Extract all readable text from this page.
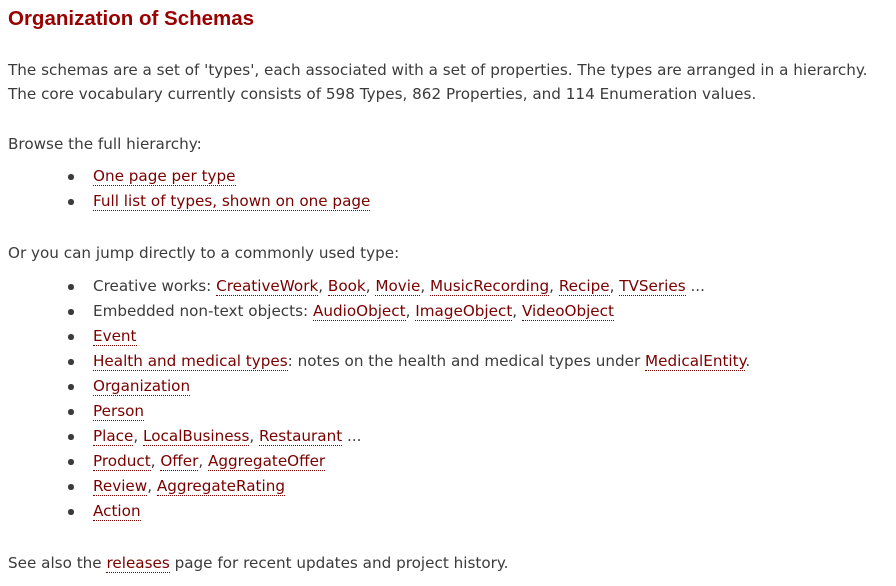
Organization of Schemas
The schemas are a set of 'types', each associated with a set of properties. The types are arranged in a hierarchy.
The core vocabulary currently consists of 598 Types, 862 Properties, and 114 Enumeration values.
Browse the full hierarchy:
One page per type
Full list of types, shown on one page
Or you can jump directly to a commonly used type:
Creative works: CreativeWork, Book, Movie, MusicRecording, Recipe, TVSeries ...
Embedded non-text objects: AudioObject, ImageObject, VideoObject
Event
Health and medical types: notes on the health and medical types under MedicalEntity.
Organization
Person
Place, LocalBusiness, Restaurant ...
Product, Offer, AggregateOffer
Review, AggregateRating
Action
See also the releases page for recent updates and project history.
